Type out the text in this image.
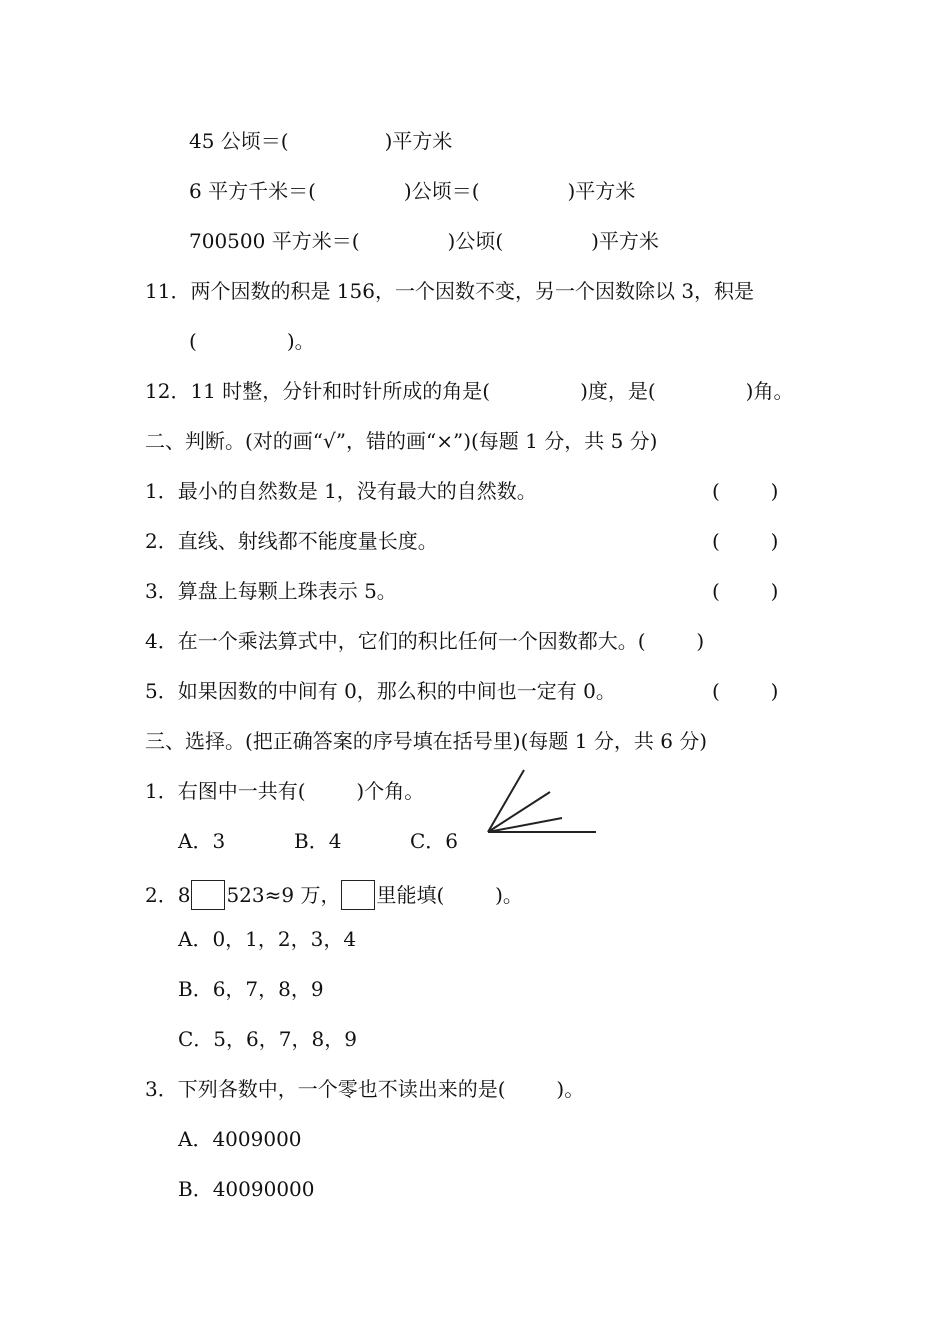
45 公顷＝(	)平方米
6 平方千米＝(	)公顷＝(	)平方米
700500 平方米＝(	)公顷(	)平方米
11．两个因数的积是 156，一个因数不变，另一个因数除以 3，积是
(	)。
12．11 时整，分针和时针所成的角是(	)度，是(	)角。
二、判断。(对的画“√”，错的画“×”)(每题 1 分，共 5 分)
1．最小的自然数是 1，没有最大的自然数。	(        )
2．直线、射线都不能度量长度。	(        )
3．算盘上每颗上珠表示 5。	(        )
4．在一个乘法算式中，它们的积比任何一个因数都大。(        )
5．如果因数的中间有 0，那么积的中间也一定有 0。	(        )
三、选择。(把正确答案的序号填在括号里)(每题 1 分，共 6 分)
1．右图中一共有(        )个角。
A．3	B．4	C．6
2．8 523≈9 万， 里能填(        )。
A．0，1，2，3，4
B．6，7，8，9
C．5，6，7，8，9
3．下列各数中，一个零也不读出来的是(        )。
A．4009000
B．40090000
